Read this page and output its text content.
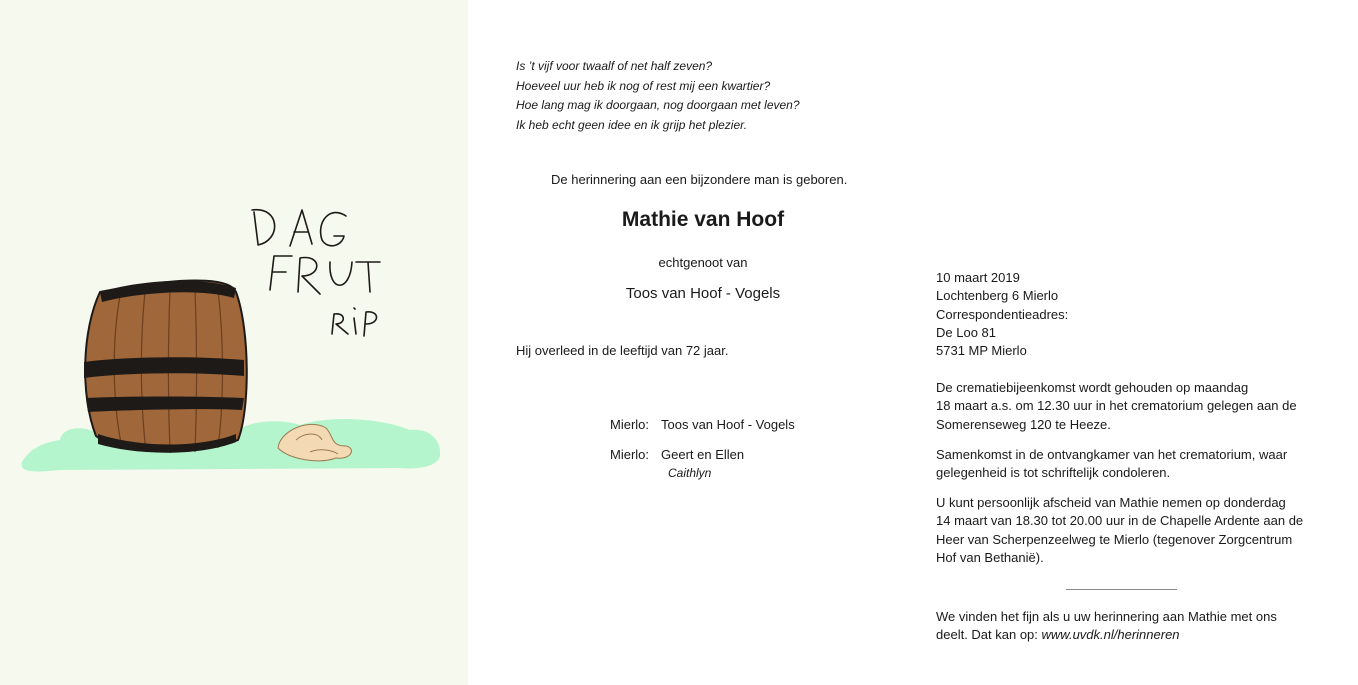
Is ’t vijf voor twaalf of net half zeven?
Hoeveel uur heb ik nog of rest mij een kwartier?
Hoe lang mag ik doorgaan, nog doorgaan met leven?
Ik heb echt geen idee en ik grijp het plezier.
De herinnering aan een bijzondere man is geboren.
Mathie van Hoof
echtgenoot van
Toos van Hoof - Vogels
Hij overleed in de leeftijd van 72 jaar.
Mierlo: Toos van Hoof - Vogels
Mierlo: Geert en Ellen
Caithlyn

10 maart 2019

Lochtenberg 6 Mierlo

Correspondentieadres:

De Loo 81

5731 MP Mierlo

De crematiebijeenkomst wordt gehouden op maandag

18 maart a.s. om 12.30 uur in het crematorium gelegen aan de

Somerenseweg 120 te Heeze.

Samenkomst in de ontvangkamer van het crematorium, waar

gelegenheid is tot schriftelijk condoleren.

U kunt persoonlijk afscheid van Mathie nemen op donderdag

14 maart van 18.30 tot 20.00 uur in de Chapelle Ardente aan de

Heer van Scherpenzeelweg te Mierlo (tegenover Zorgcentrum

Hof van Bethanië).

We vinden het fijn als u uw herinnering aan Mathie met ons

deelt. Dat kan op: www.uvdk.nl/herinneren
